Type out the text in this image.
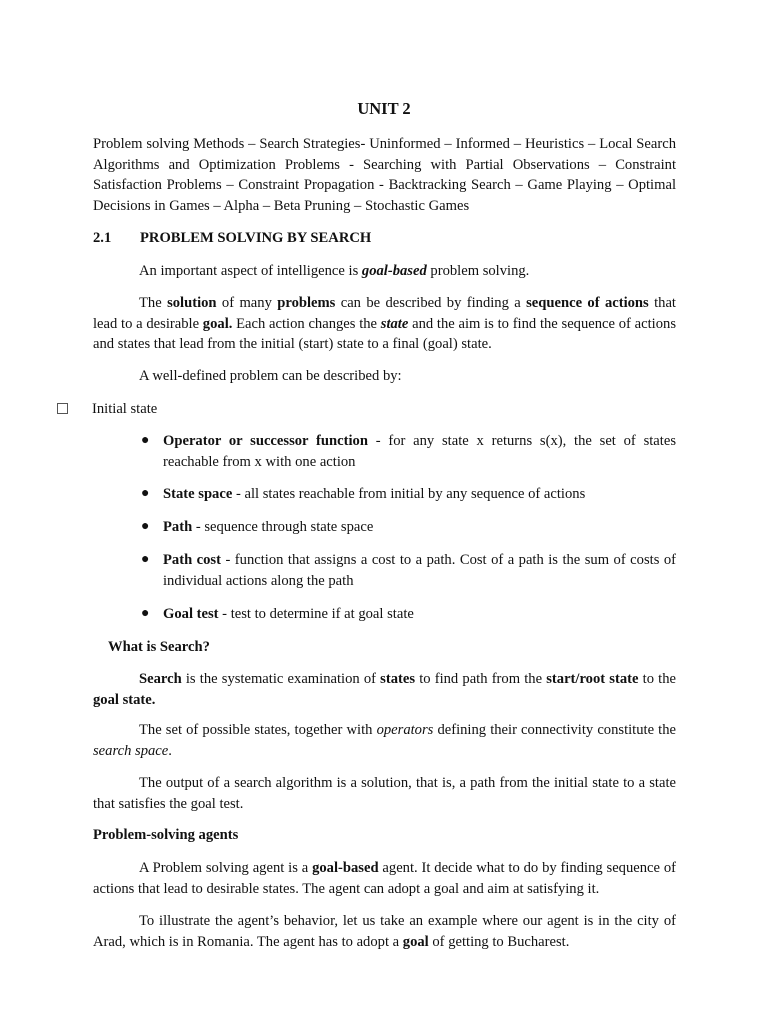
UNIT 2

Problem solving Methods – Search Strategies- Uninformed – Informed – Heuristics – Local Search Algorithms and Optimization Problems - Searching with Partial Observations – Constraint Satisfaction Problems – Constraint Propagation - Backtracking Search – Game Playing – Optimal Decisions in Games – Alpha – Beta Pruning – Stochastic Games

2.1 PROBLEM SOLVING BY SEARCH

An important aspect of intelligence is goal-based problem solving.

The solution of many problems can be described by finding a sequence of actions that lead to a desirable goal. Each action changes the state and the aim is to find the sequence of actions and states that lead from the initial (start) state to a final (goal) state.

A well-defined problem can be described by:

Initial state

● Operator or successor function - for any state x returns s(x), the set of states reachable from x with one action
● State space - all states reachable from initial by any sequence of actions
● Path - sequence through state space
● Path cost - function that assigns a cost to a path. Cost of a path is the sum of costs of individual actions along the path
● Goal test - test to determine if at goal state
What is Search?

Search is the systematic examination of states to find path from the start/root state to the goal state.

The set of possible states, together with operators defining their connectivity constitute the search space.

The output of a search algorithm is a solution, that is, a path from the initial state to a state that satisfies the goal test.

Problem-solving agents

A Problem solving agent is a goal-based agent. It decide what to do by finding sequence of actions that lead to desirable states. The agent can adopt a goal and aim at satisfying it.

To illustrate the agent’s behavior, let us take an example where our agent is in the city of Arad, which is in Romania. The agent has to adopt a goal of getting to Bucharest.
